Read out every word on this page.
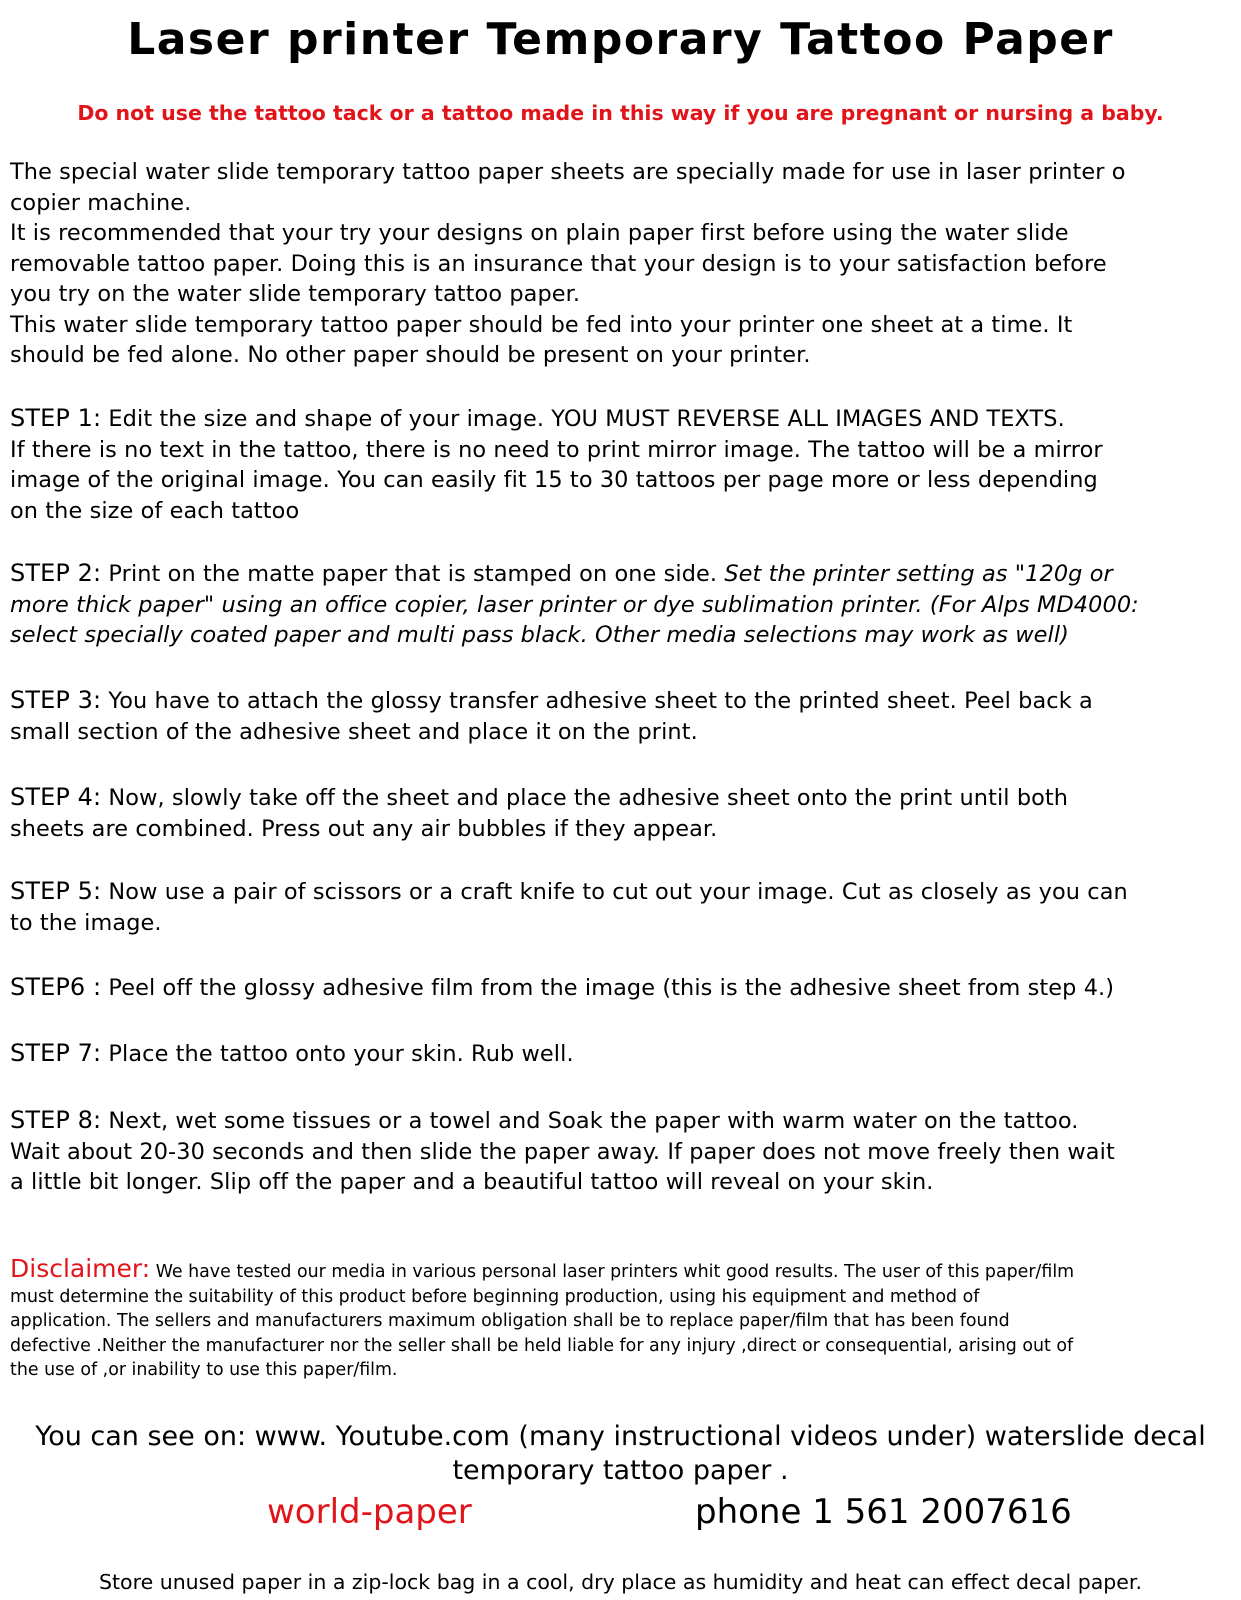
Laser printer Temporary Tattoo Paper

Do not use the tattoo tack or a tattoo made in this way if you are pregnant or nursing a baby.

The special water slide temporary tattoo paper sheets are specially made for use in laser printer o
copier machine.
It is recommended that your try your designs on plain paper first before using the water slide
removable tattoo paper. Doing this is an insurance that your design is to your satisfaction before
you try on the water slide temporary tattoo paper.
This water slide temporary tattoo paper should be fed into your printer one sheet at a time. It
should be fed alone. No other paper should be present on your printer.

STEP 1: Edit the size and shape of your image. YOU MUST REVERSE ALL IMAGES AND TEXTS.
If there is no text in the tattoo, there is no need to print mirror image. The tattoo will be a mirror
image of the original image. You can easily fit 15 to 30 tattoos per page more or less depending
on the size of each tattoo

STEP 2: Print on the matte paper that is stamped on one side. Set the printer setting as "120g or
more thick paper" using an office copier, laser printer or dye sublimation printer. (For Alps MD4000:
select specially coated paper and multi pass black. Other media selections may work as well)

STEP 3: You have to attach the glossy transfer adhesive sheet to the printed sheet. Peel back a
small section of the adhesive sheet and place it on the print.

STEP 4: Now, slowly take off the sheet and place the adhesive sheet onto the print until both
sheets are combined. Press out any air bubbles if they appear.

STEP 5: Now use a pair of scissors or a craft knife to cut out your image. Cut as closely as you can
to the image.

STEP6 : Peel off the glossy adhesive film from the image (this is the adhesive sheet from step 4.)

STEP 7: Place the tattoo onto your skin. Rub well.

STEP 8: Next, wet some tissues or a towel and Soak the paper with warm water on the tattoo.
Wait about 20-30 seconds and then slide the paper away. If paper does not move freely then wait
a little bit longer. Slip off the paper and a beautiful tattoo will reveal on your skin.

Disclaimer: We have tested our media in various personal laser printers whit good results. The user of this paper/film
must determine the suitability of this product before beginning production, using his equipment and method of
application. The sellers and manufacturers maximum obligation shall be to replace paper/film that has been found
defective .Neither the manufacturer nor the seller shall be held liable for any injury ,direct or consequential, arising out of
the use of ,or inability to use this paper/film.

You can see on: www. Youtube.com (many instructional videos under) waterslide decal
temporary tattoo paper .

world-paper	phone 1 561 2007616

Store unused paper in a zip-lock bag in a cool, dry place as humidity and heat can effect decal paper.
